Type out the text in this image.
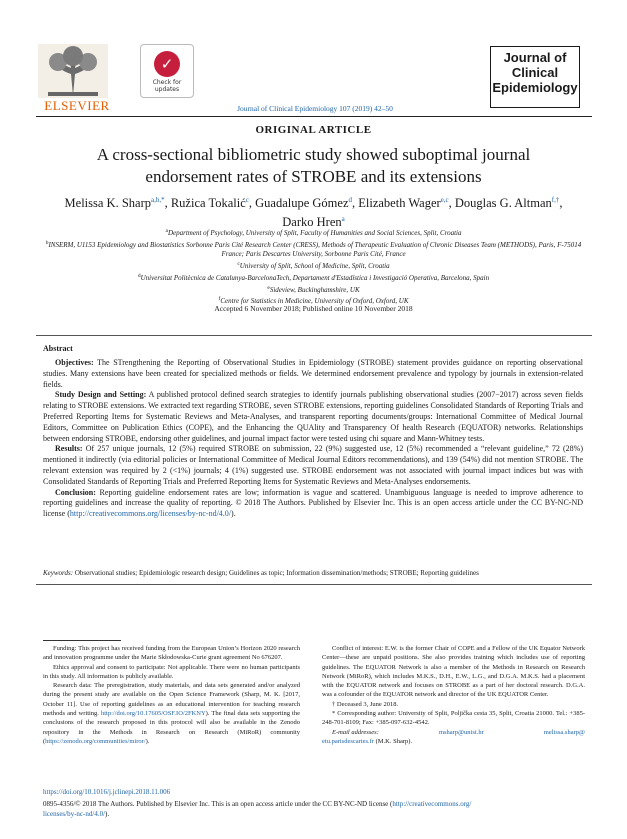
ELSEVIER
✓
Check for updates
Journal of Clinical Epidemiology 107 (2019) 42–50
Journal of
Clinical
Epidemiology
ORIGINAL ARTICLE
A cross-sectional bibliometric study showed suboptimal journal endorsement rates of STROBE and its extensions
Melissa K. Sharp$^{a,b,*}$, Ružica Tokalić$^c$, Guadalupe Gómez$^d$, Elizabeth Wager$^{e,c}$, Douglas G. Altman$^{f,\dagger}$, Darko Hren$^a$
$^a$Department of Psychology, University of Split, Faculty of Humanities and Social Sciences, Split, Croatia
$^b$INSERM, U1153 Epidemiology and Biostatistics Sorbonne Paris Cité Research Center (CRESS), Methods of Therapeutic Evaluation of Chronic Diseases Team (METHODS), Paris, F-75014 France; Paris Descartes University, Sorbonne Paris Cité, France
$^c$University of Split, School of Medicine, Split, Croatia
$^d$Universitat Politècnica de Catalunya-BarcelonaTech, Departament d'Estadística i Investigació Operativa, Barcelona, Spain
$^e$Sideview, Buckinghamshire, UK
$^f$Centre for Statistics in Medicine, University of Oxford, Oxford, UK
Accepted 6 November 2018; Published online 10 November 2018
Abstract

Objectives: The STrengthening the Reporting of Observational Studies in Epidemiology (STROBE) statement provides guidance on reporting observational studies. Many extensions have been created for specialized methods or fields. We determined endorsement prevalence and typology by journals in extension-related fields.

Study Design and Setting: A published protocol defined search strategies to identify journals publishing observational studies (2007−2017) across seven fields relating to STROBE extensions. We extracted text regarding STROBE, seven STROBE extensions, reporting guidelines Consolidated Standards of Reporting Trials and Preferred Reporting Items for Systematic Reviews and Meta-Analyses, and transparent reporting documents/groups: International Committee of Medical Journal Editors, Committee on Publication Ethics (COPE), and the Enhancing the QUAlity and Transparency Of health Research (EQUATOR) networks. Relationships between endorsing STROBE, endorsing other guidelines, and journal impact factor were tested using chi square and Mann-Whitney tests.

Results: Of 257 unique journals, 12 (5%) required STROBE on submission, 22 (9%) suggested use, 12 (5%) recommended a “relevant guideline,” 72 (28%) mentioned it indirectly (via editorial policies or International Committee of Medical Journal Editors recommendations), and 139 (54%) did not mention STROBE. The relevant extension was required by 2 (<1%) journals; 4 (1%) suggested use. STROBE endorsement was not associated with journal impact indices but was with Consolidated Standards of Reporting Trials and Preferred Reporting Items for Systematic Reviews and Meta-Analyses endorsements.

Conclusion: Reporting guideline endorsement rates are low; information is vague and scattered. Unambiguous language is needed to improve adherence to reporting guidelines and increase the quality of reporting. © 2018 The Authors. Published by Elsevier Inc. This is an open access article under the CC BY-NC-ND license (http://creativecommons.org/licenses/by-nc-nd/4.0/).

Keywords: Observational studies; Epidemiologic research design; Guidelines as topic; Information dissemination/methods; STROBE; Reporting guidelines

Funding: This project has received funding from the European Union’s Horizon 2020 research and innovation programme under the Marie Skłodowska-Curie grant agreement No 676207.

Ethics approval and consent to participate: Not applicable. There were no human participants in this study. All information is publicly available.

Research data: The preregistration, study materials, and data sets generated and/or analyzed during the present study are available on the Open Science Framework (Sharp, M. K. [2017, October 11]. Use of reporting guidelines as an educational intervention for teaching research methods and writing. http://doi.org/10.17605/OSF.IO/2FKNY). The final data sets supporting the conclusions of the research proposed in this protocol will also be available in the Zenodo repository in the Methods in Research on Research (MiRoR) community (https://zenodo.org/communities/miror/).

Conflict of interest: E.W. is the former Chair of COPE and a Fellow of the UK Equator Network Center—these are unpaid positions. She also provides training which includes use of reporting guidelines. The EQUATOR Network is also a member of the Methods in Research on Research Network (MiRoR), which includes M.K.S., D.H., E.W., L.G., and D.G.A. M.K.S. had a placement with the EQUATOR network and focuses on STROBE as a part of her doctoral research. D.G.A. was a cofounder of the EQUATOR network and director of the UK EQUATOR Center.

† Deceased 3, June 2018.

* Corresponding author: University of Split, Poljička cesta 35, Split, Croatia 21000. Tel.: +385-248-701-8109; Fax: +385-097-632-4542.

E-mail addresses:	msharp@unist.hr	melissa.sharp@
etu.parisdescartes.fr (M.K. Sharp).
https://doi.org/10.1016/j.jclinepi.2018.11.006
0895-4356/© 2018 The Authors. Published by Elsevier Inc. This is an open access article under the CC BY-NC-ND license (http://creativecommons.org/
licenses/by-nc-nd/4.0/).
